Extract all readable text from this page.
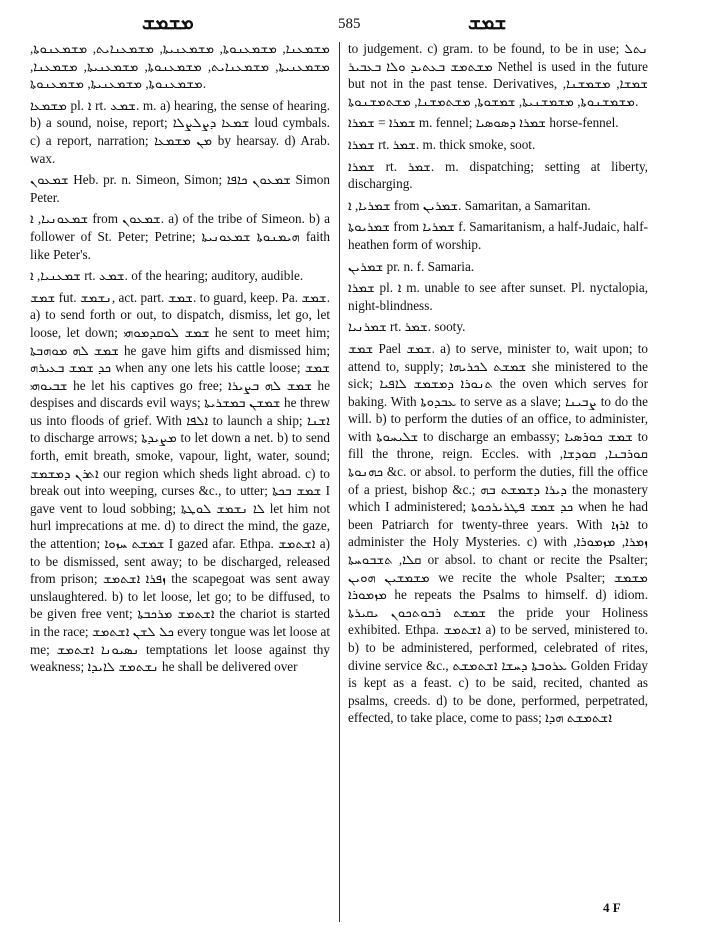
ܡܫܡܫ	585	ܫܡܫ

ܡܫܡܥܢܐ, ܡܫܡܥܢܘܬܐ, ܡܫܡܥܢܝܬܐ, ܡܫܡܥܢܐܝܬ, ܡܫܡܥܢܘܬܐ, ܡܫܡܥܢܝܬܐ, ܡܫܡܥܢܐܝܬ, ܡܫܡܥܢܘܬܐ, ܡܫܡܥܢܝܬܐ, ܡܫܡܥܢܐ, ܡܫܡܥܢܘܬܐ, ܡܫܡܥܢܝܬܐ, ܡܫܡܥܢܘܬܐ.

ܡܫܡܥܐ pl. ܐ rt. ܫܡܥ. m. a) hearing, the sense of hearing. b) a sound, noise, report; ܫܡܥܐ ܕܨܠܨܠܐ loud cymbals. c) a report, narration; ܡܢ ܡܫܡܥܐ by hearsay. d) Arab. wax.

ܫܡܥܘܢ Heb. pr. n. Simeon, Simon; ܫܡܥܘܢ ܟܐܦܐ Simon Peter.

ܫܡܥܘܢܝܐ, ܐ from ܫܡܥܘܢ. a) of the tribe of Simeon. b) a follower of St. Peter; Petrine; ܗܝܡܢܘܬܐ ܫܡܥܘܢܝܬܐ faith like Peter's.

ܫܡܥܢܝܐ, ܐ rt. ܫܡܥ. of the hearing; auditory, audible.

ܫܡܫ fut. ܢܫܡܫ, act. part. ܫܡܫ. to guard, keep. Pa. ܫܡܫ. a) to send forth or out, to dispatch, dismiss, let go, let loose, let down; ܫܡܫ ܠܘܩܕܡܘܗܝ he sent to meet him; ܫܡܫ ܠܗ ܡܘܗܒܬܐ he gave him gifts and dismissed him; ܟܕ ܫܡܫ ܒܥܝܪܗ when any one lets his cattle loose; ܫܡܫ ܫܒܝܘܗܝ he let his captives go free; ܫܡܫ ܠܗ ܒܨܝܪܐ he despises and discards evil ways; ܫܡܫܢ ܒܡܫܪܝܬܐ he threw us into floods of grief. With ܐܠܦܐ to launch a ship; ܐܫܢܐ to discharge arrows; ܡܨܝܕܬܐ to let down a net. b) to send forth, emit breath, smoke, vapour, light, water, sound; ܐܬܪܢ ܕܡܫܡܫ our region which sheds light abroad. c) to break out into weeping, curses &c., to utter; ܫܡܫ ܒܟܬܐ I gave vent to loud sobbing; ܠܐ ܢܫܡܫ ܠܘܛܬܐ let him not hurl imprecations at me. d) to direct the mind, the gaze, the attention; ܫܡܫܬ ܚܙܘܐ I gazed afar. Ethpa. ܐܫܬܡܫ a) to be dismissed, sent away; to be discharged, released from prison; ܙܦܪܐ ܐܫܬܡܫ the scapegoat was sent away unslaughtered. b) to let loose, let go; to be diffused, to be given free vent; ܐܫܬܡܫ ܡܪܟܒܬܐ the chariot is started in the race; ܟܠ ܠܫܢ ܐܫܬܡܫ every tongue was let loose at me; ܢܣܝܘܢܐ ܐܫܬܡܫ temptations let loose against thy weakness; ܢܫܬܡܫ ܠܐܝܕܐ he shall be delivered over

to judgement. c) gram. to be found, to be in use; ܢܬܠ ܡܫܬܡܫ ܒܥܬܝܕ ܘܠܐ ܒܥܒܝܪ Nethel is used in the future but not in the past tense. Derivatives, ܫܡܫܐ, ܡܫܡܫܢܐ, ܡܫܡܫܢܘܬܐ, ܡܫܡܫܢܝܬܐ, ܫܡܫܘܬܐ, ܡܫܬܡܫܢܐ, ܡܫܬܡܫܢܘܬܐ.

ܫܡܪܐ = ܫܡܪܐ m. fennel; ܫܡܪܐ ܕܣܘܣܝܐ horse-fennel.

ܫܡܪܐ rt. ܫܡܪ. m. thick smoke, soot.

ܫܡܪܐ rt. ܫܡܪ. m. dispatching; setting at liberty, discharging.

ܫܡܪܝܐ, ܐ from ܫܡܪܝܢ. Samaritan, a Samaritan.

ܫܡܪܝܘܬܐ from ܫܡܪܝܐ f. Samaritanism, a half-Judaic, half-heathen form of worship.

ܫܡܪܝܢ pr. n. f. Samaria.

ܫܡܪܐ pl. ܐ m. unable to see after sunset. Pl. nyctalopia, night-blindness.

ܫܡܪܢܝܐ rt. ܫܡܪ. sooty.

ܫܡܫ Pael ܫܡܫ. a) to serve, minister to, wait upon; to attend to, supply; ܫܡܫܬ ܠܟܪܝܗܐ she ministered to the sick; ܬܢܘܪܐ ܕܡܫܡܫ ܠܐܦܝܐ the oven which serves for baking. With ܥܒܕܘܬܐ to serve as a slave; ܨܒܝܢܐ to do the will. b) to perform the duties of an office, to administer, with ܫܠܝܚܘܬܐ to discharge an embassy; ܫܡܫ ܟܘܪܣܝܐ to fill the throne, reign. Eccles. with ܩܘܪܒܢܐ, ܩܘܕܫܐ, ܟܗܢܘܬܐ &c. or absol. to perform the duties, fill the office of a priest, bishop &c.; ܕܝܪܐ ܕܫܡܫܬ ܒܗ the monastery which I administered; ܟܕ ܫܡܫ ܦܛܪܝܪܟܘܬܐ when he had been Patriarch for twenty-three years. With ܐܪܙܐ to administer the Holy Mysteries. c) with ܙܡܪܐ, ܡܙܡܘܪܐ, ܩܠܐ, ܬܫܒܘܚܬܐ or absol. to chant or recite the Psalter; ܡܫܡܫܝܢ ܗܘܝܢ we recite the whole Psalter; ܡܫܡܫ ܡܙܡܘܪܐ he repeats the Psalms to himself. d) idiom. ܫܡܫܬ ܪܒܘܬܟܘܢ ܝܩܝܪܬܐ the pride your Holiness exhibited. Ethpa. ܐܫܬܡܫ a) to be served, ministered to. b) to be administered, performed, celebrated of rites, divine service &c., ܥܪܘܒܬܐ ܕܚܫܐ ܐܫܬܡܫܬ Golden Friday is kept as a feast. c) to be said, recited, chanted as psalms, creeds. d) to be done, performed, perpetrated, effected, to take place, come to pass; ܐܫܬܡܫܬ ܗܕܐ

4 F
